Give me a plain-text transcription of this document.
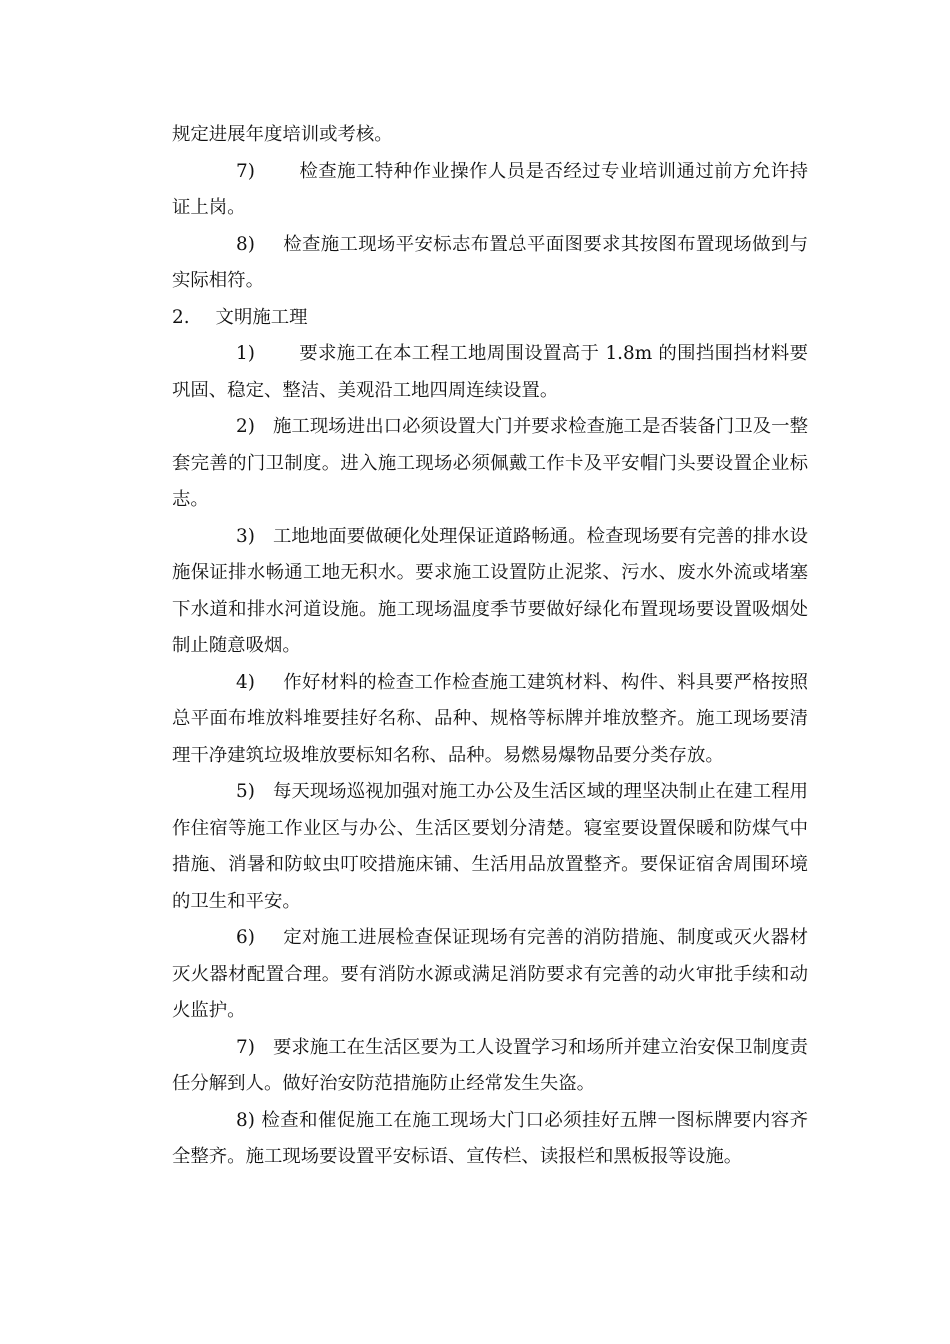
规定进展年度培训或考核。

7) 检查施工特种作业操作人员是否经过专业培训通过前方允许持证上岗。

8) 检查施工现场平安标志布置总平面图要求其按图布置现场做到与实际相符。

2. 文明施工理

1) 要求施工在本工程工地周围设置高于 1.8m 的围挡围挡材料要巩固、稳定、整洁、美观沿工地四周连续设置。

2) 施工现场进出口必须设置大门并要求检查施工是否装备门卫及一整套完善的门卫制度。进入施工现场必须佩戴工作卡及平安帽门头要设置企业标志。

3) 工地地面要做硬化处理保证道路畅通。检查现场要有完善的排水设施保证排水畅通工地无积水。要求施工设置防止泥浆、污水、废水外流或堵塞下水道和排水河道设施。施工现场温度季节要做好绿化布置现场要设置吸烟处制止随意吸烟。

4) 作好材料的检查工作检查施工建筑材料、构件、料具要严格按照总平面布堆放料堆要挂好名称、品种、规格等标牌并堆放整齐。施工现场要清理干净建筑垃圾堆放要标知名称、品种。易燃易爆物品要分类存放。

5) 每天现场巡视加强对施工办公及生活区域的理坚决制止在建工程用作住宿等施工作业区与办公、生活区要划分清楚。寝室要设置保暖和防煤气中措施、消暑和防蚊虫叮咬措施床铺、生活用品放置整齐。要保证宿舍周围环境的卫生和平安。

6) 定对施工进展检查保证现场有完善的消防措施、制度或灭火器材灭火器材配置合理。要有消防水源或满足消防要求有完善的动火审批手续和动火监护。

7) 要求施工在生活区要为工人设置学习和场所并建立治安保卫制度责任分解到人。做好治安防范措施防止经常发生失盗。

8) 检查和催促施工在施工现场大门口必须挂好五牌一图标牌要内容齐全整齐。施工现场要设置平安标语、宣传栏、读报栏和黑板报等设施。
